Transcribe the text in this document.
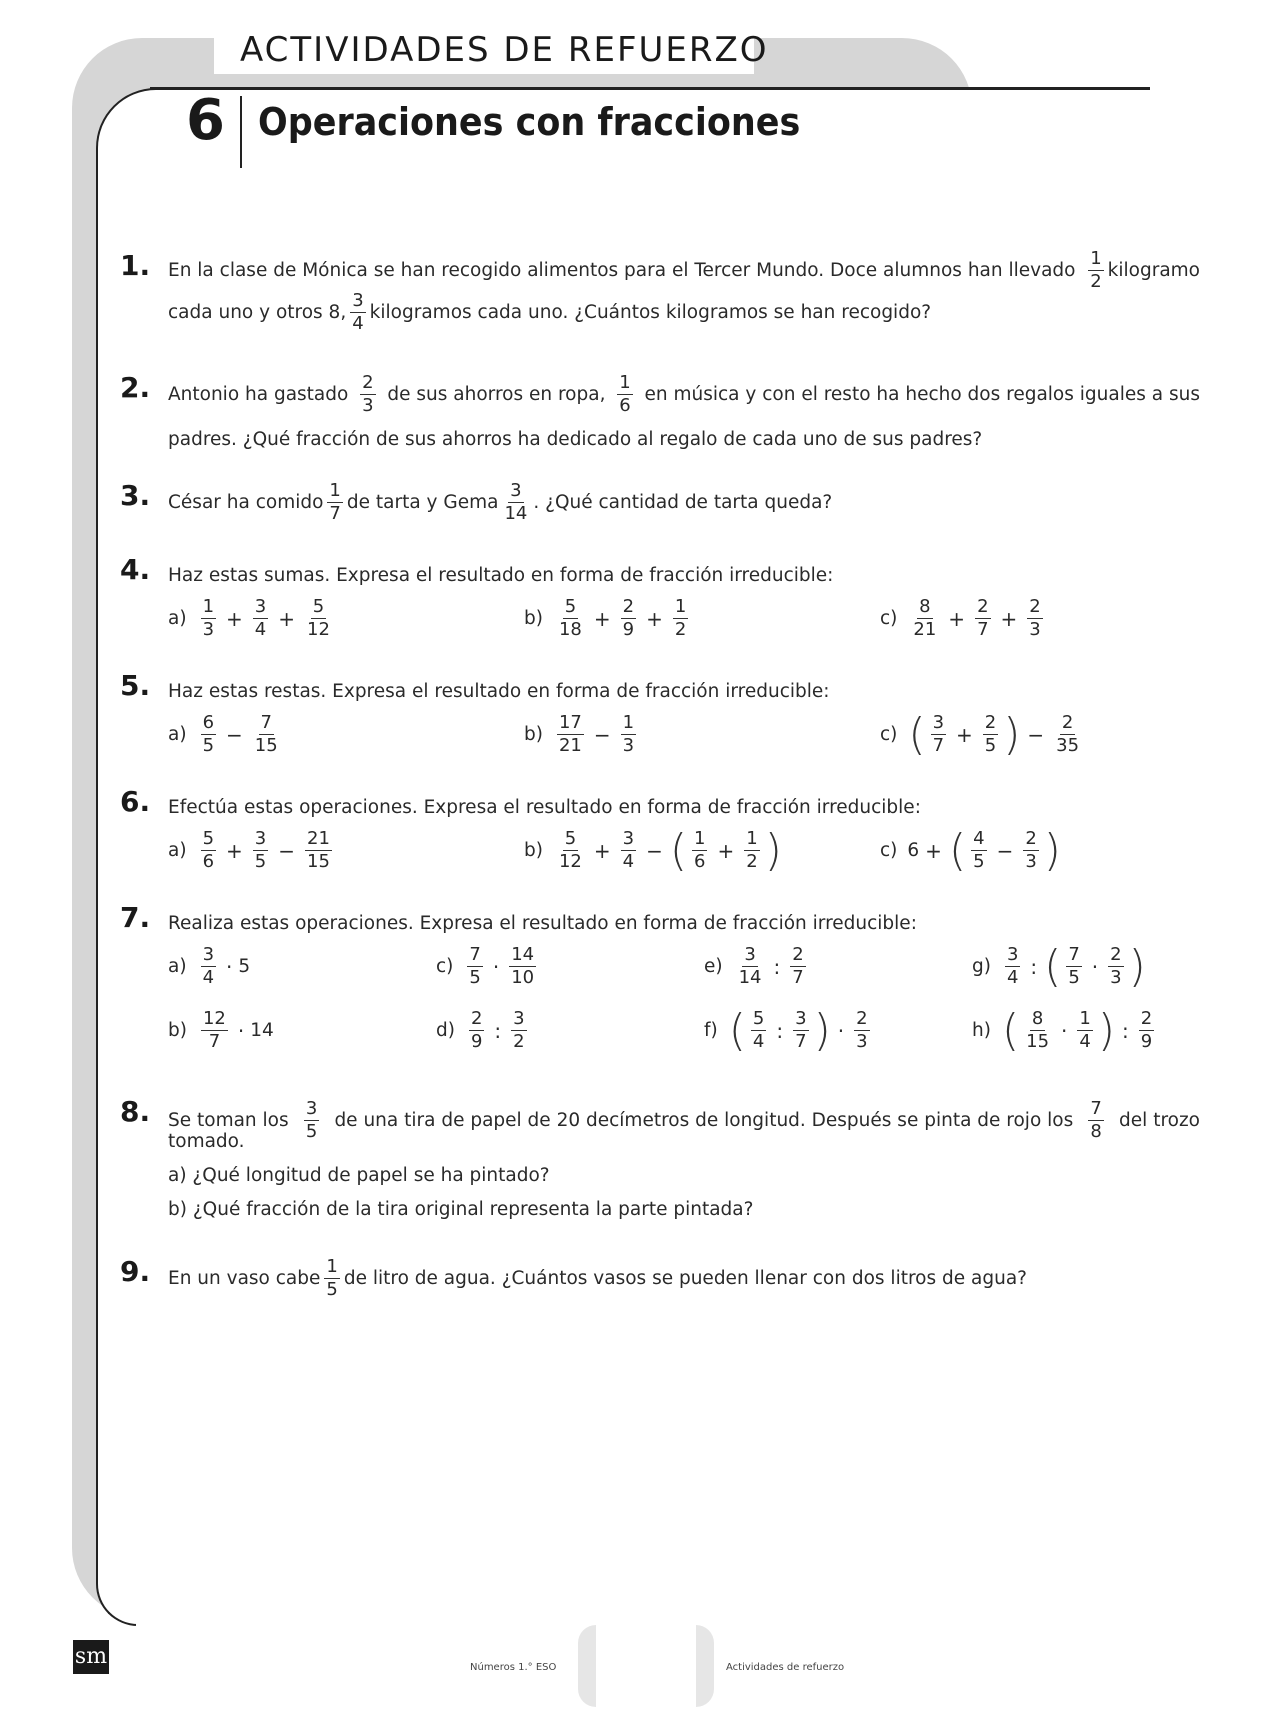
ACTIVIDADES DE REFUERZO
6 Operaciones con fracciones
1. En la clase de Mónica se han recogido alimentos para el Tercer Mundo. Doce alumnos han llevado $\frac{1}{2}$ kilogramo
cada uno y otros 8, $\frac{3}{4}$ kilogramos cada uno. ¿Cuántos kilogramos se han recogido?
2. Antonio ha gastado $\frac{2}{3}$ de sus ahorros en ropa, $\frac{1}{6}$ en música y con el resto ha hecho dos regalos iguales a sus
padres. ¿Qué fracción de sus ahorros ha dedicado al regalo de cada uno de sus padres?
3. César ha comido $\frac{1}{7}$ de tarta y Gema $\frac{3}{14}$ . ¿Qué cantidad de tarta queda?
4. Haz estas sumas. Expresa el resultado en forma de fracción irreducible:
$a) \frac{1}{3} + \frac{3}{4} + \frac{5}{12}$	$b) \frac{5}{18} + \frac{2}{9} + \frac{1}{2}$	$c) \frac{8}{21} + \frac{2}{7} + \frac{2}{3}$
5. Haz estas restas. Expresa el resultado en forma de fracción irreducible:
$a) \frac{6}{5} - \frac{7}{15}$	$b) \frac{17}{21} - \frac{1}{3}$	c) ( $\frac{3}{7} + \frac{2}{5}$ ) − $\frac{2}{35}$
6. Efectúa estas operaciones. Expresa el resultado en forma de fracción irreducible:
$a) \frac{5}{6} + \frac{3}{5} - \frac{21}{15}$	$b) \frac{5}{12} + \frac{3}{4}$ − ( $\frac{1}{6} + \frac{1}{2}$ )	c) 6 + ( $\frac{4}{5} - \frac{2}{3}$ )
7. Realiza estas operaciones. Expresa el resultado en forma de fracción irreducible:
$a) \frac{3}{4} \cdot 5$	$c) \frac{7}{5} \cdot \frac{14}{10}$	$e) \frac{3}{14}$ : $\frac{2}{7}$	$g) \frac{3}{4}$ : ( $\frac{7}{5} \cdot \frac{2}{3}$ )
$b) \frac{12}{7} \cdot 14$	$d) \frac{2}{9}$ : $\frac{3}{2}$	f) ( $\frac{5}{4}$ : $\frac{3}{7}$ ) · $\frac{2}{3}$	h) ( $\frac{8}{15} \cdot \frac{1}{4}$ ) : $\frac{2}{9}$
8. Se toman los $\frac{3}{5}$ de una tira de papel de 20 decímetros de longitud. Después se pinta de rojo los $\frac{7}{8}$ del trozo
tomado.
a) ¿Qué longitud de papel se ha pintado?
b) ¿Qué fracción de la tira original representa la parte pintada?
9. En un vaso cabe $\frac{1}{5}$ de litro de agua. ¿Cuántos vasos se pueden llenar con dos litros de agua?
sm	Números 1.° ESO	Actividades de refuerzo
